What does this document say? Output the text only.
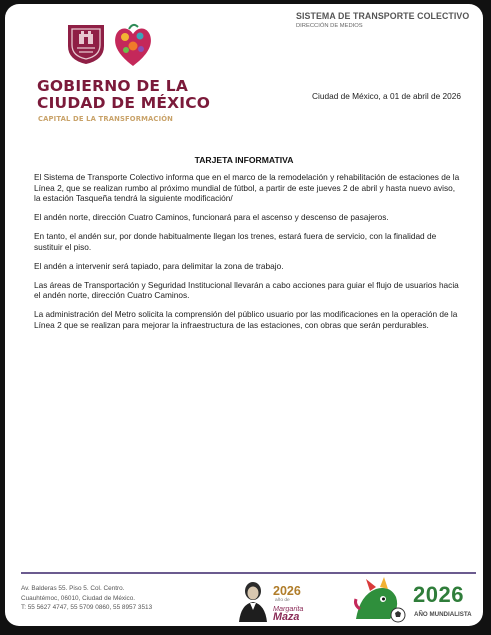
GOBIERNO DE LA
CIUDAD DE MÉXICO
CAPITAL DE LA TRANSFORMACIÓN
SISTEMA DE TRANSPORTE COLECTIVO
DIRECCIÓN DE MEDIOS
Ciudad de México, a 01 de abril de 2026
TARJETA INFORMATIVA

El Sistema de Transporte Colectivo informa que en el marco de la remodelación y rehabilitación de estaciones de la Línea 2, que se realizan rumbo al próximo mundial de fútbol, a partir de este jueves 2 de abril y hasta nuevo aviso, la estación Tasqueña tendrá la siguiente modificación/

El andén norte, dirección Cuatro Caminos, funcionará para el ascenso y descenso de pasajeros.

En tanto, el andén sur, por donde habitualmente llegan los trenes, estará fuera de servicio, con la finalidad de sustituir el piso.

El andén a intervenir será tapiado, para delimitar la zona de trabajo.

Las áreas de Transportación y Seguridad Institucional llevarán a cabo acciones para guiar el flujo de usuarios hacia el andén norte, dirección Cuatro Caminos.

La administración del Metro solicita la comprensión del público usuario por las modificaciones en la operación de la Línea 2 que se realizan para mejorar la infraestructura de las estaciones, con obras que serán perdurables.

Av. Balderas 55. Piso 5. Col. Centro.
Cuauhtémoc, 06010, Ciudad de México.
T: 55 5627 4747, 55 5709 0860, 55 8957 3513
2026
año de
Margarita
Maza
2026
AÑO MUNDIALISTA
